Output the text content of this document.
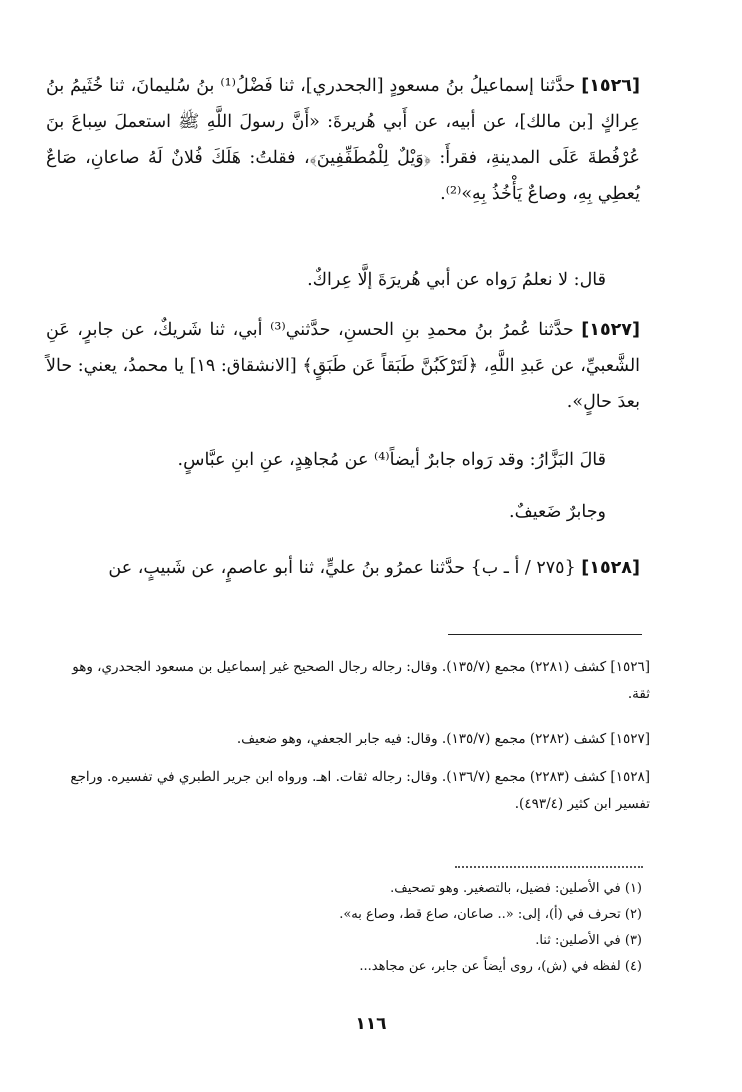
[١٥٢٦] حدَّثنا إسماعيلُ بنُ مسعودٍ [الجحدري]، ثنا فَضْلُ⁽¹⁾ بنُ سُليمانَ، ثنا خُثَيمُ بنُ عِراكٍ [بن مالك]، عن أبيه، عن أَبي هُريرةَ: «أَنَّ رسولَ اللَّهِ ﷺ استعملَ سِباعَ بنَ عُرْفُطةَ عَلَى المدينةِ، فقرأَ: ﴿وَيْلٌ لِلْمُطَفِّفِينَ﴾، فقلتُ: هَلَكَ فُلانٌ لَهُ صاعانِ، صَاعٌ يُعطِي بِهِ، وصاعٌ يَأْخُذُ بِهِ»⁽²⁾.

قال: لا نعلمُ رَواه عن أبي هُريرَةَ إلَّا عِراكٌ.

[١٥٢٧] حدَّثنا عُمرُ بنُ محمدِ بنِ الحسنِ، حدَّثني⁽³⁾ أبي، ثنا شَريكٌ، عن جابرٍ، عَنِ الشَّعبيِّ، عن عَبدِ اللَّهِ، ﴿لَتَرْكَبُنَّ طَبَقاً عَن طَبَقٍ﴾ [الانشقاق: ١٩] يا محمدُ، يعني: حالاً بعدَ حالٍ».

قالَ البَزَّارُ: وقد رَواه جابرٌ أيضاً⁽⁴⁾ عن مُجاهِدٍ، عنِ ابنِ عبَّاسٍ.

وجابرٌ ضَعيفٌ.

[١٥٢٨] {٢٧٥ / أ ـ ب} حدَّثنا عمرُو بنُ عليٍّ، ثنا أبو عاصمٍ، عن شَبيبٍ، عن

[١٥٢٦] كشف (٢٢٨١) مجمع (١٣٥/٧). وقال: رجاله رجال الصحيح غير إسماعيل بن مسعود الجحدري، وهو ثقة.

[١٥٢٧] كشف (٢٢٨٢) مجمع (١٣٥/٧). وقال: فيه جابر الجعفي، وهو ضعيف.

[١٥٢٨] كشف (٢٢٨٣) مجمع (١٣٦/٧). وقال: رجاله ثقات. اهـ. ورواه ابن جرير الطبري في تفسيره. وراجع تفسير ابن كثير (٤٩٣/٤).

(١) في الأصلين: فضيل، بالتصغير. وهو تصحيف.
(٢) تحرف في (أ)، إلى: «.. صاعان، صاع قط، وصاع به».
(٣) في الأصلين: ثنا.
(٤) لفظه في (ش)، روى أيضاً عن جابر، عن مجاهد...
١١٦
